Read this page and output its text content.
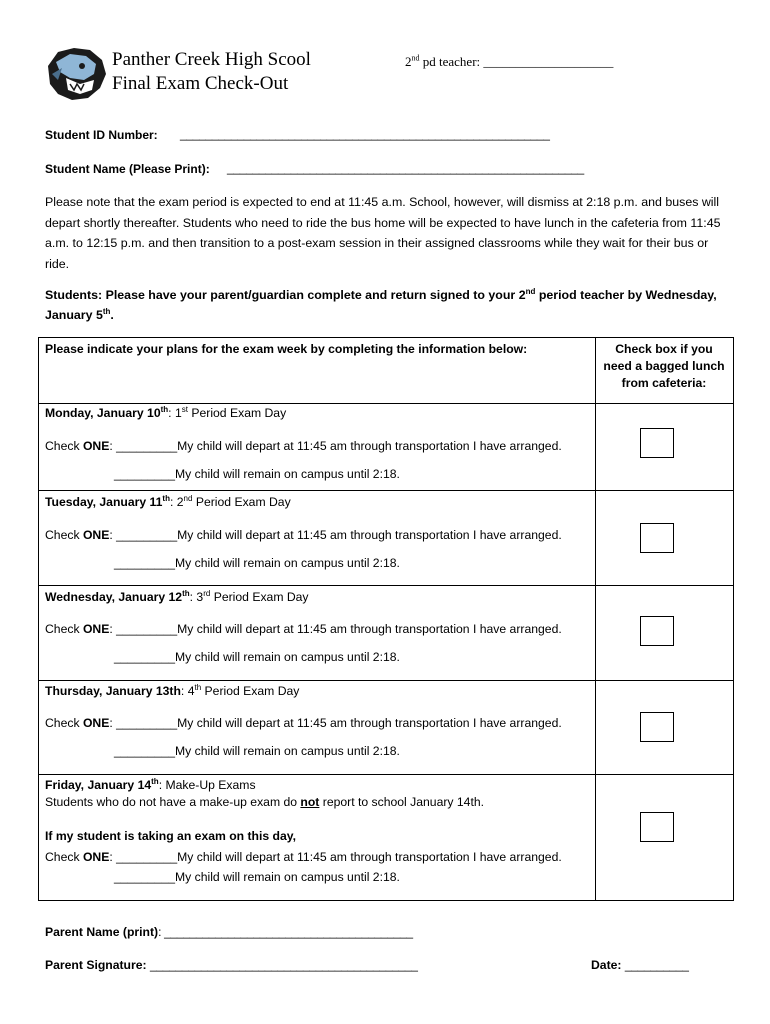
Panther Creek High Scool
Final Exam Check-Out
2nd pd teacher: ____________________
Student ID Number: __________________________________________________________
Student Name (Please Print): ________________________________________________________
Please note that the exam period is expected to end at 11:45 a.m. School, however, will dismiss at 2:18 p.m. and buses will depart shortly thereafter. Students who need to ride the bus home will be expected to have lunch in the cafeteria from 11:45 a.m. to 12:15 p.m. and then transition to a post-exam session in their assigned classrooms while they wait for their bus or ride.
Students: Please have your parent/guardian complete and return signed to your 2nd period teacher by Wednesday, January 5th.
Please indicate your plans for the exam week by completing the information below:	Check box if you
need a bagged lunch
from cafeteria:
Monday, January 10th: 1st Period Exam Day
Check ONE: _________My child will depart at 11:45 am through transportation I have arranged.
_________My child will remain on campus until 2:18.
Tuesday, January 11th: 2nd Period Exam Day
Check ONE: _________My child will depart at 11:45 am through transportation I have arranged.
_________My child will remain on campus until 2:18.
Wednesday, January 12th: 3rd Period Exam Day
Check ONE: _________My child will depart at 11:45 am through transportation I have arranged.
_________My child will remain on campus until 2:18.
Thursday, January 13th: 4th Period Exam Day
Check ONE: _________My child will depart at 11:45 am through transportation I have arranged.
_________My child will remain on campus until 2:18.
Friday, January 14th: Make-Up Exams
Students who do not have a make-up exam do not report to school January 14th.
If my student is taking an exam on this day,
Check ONE: _________My child will depart at 11:45 am through transportation I have arranged.
_________My child will remain on campus until 2:18.
Parent Name (print): _______________________________________
Parent Signature: __________________________________________	Date: __________
